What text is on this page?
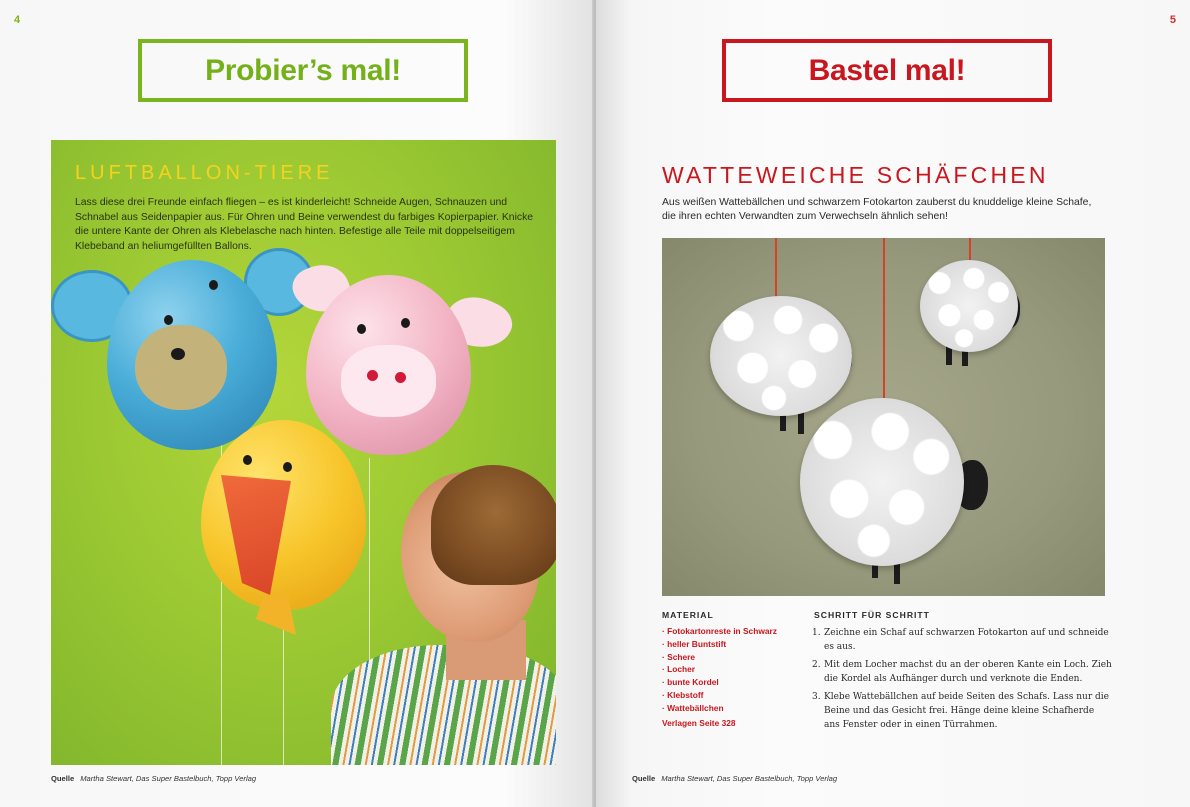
4
Probier’s mal!
LUFTBALLON-TIERE

Lass diese drei Freunde einfach fliegen – es ist kinderleicht! Schneide Augen, Schnauzen und Schnabel aus Seidenpapier aus. Für Ohren und Beine verwendest du farbiges Kopierpapier. Knicke die untere Kante der Ohren als Klebelasche nach hinten. Befestige alle Teile mit doppelseitigem Klebeband an heliumgefüllten Ballons.

Quelle Martha Stewart, Das Super Bastelbuch, Topp Verlag
5
Bastel mal!
WATTEWEICHE SCHÄFCHEN

Aus weißen Wattebällchen und schwarzem Fotokarton zauberst du knuddelige kleine Schafe, die ihren echten Verwandten zum Verwechseln ähnlich sehen!

MATERIAL
· Fotokartonreste in Schwarz
· heller Buntstift
· Schere
· Locher
· bunte Kordel
· Klebstoff
· Wattebällchen
Verlagen Seite 328
SCHRITT FÜR SCHRITT
1. Zeichne ein Schaf auf schwarzen Fotokarton auf und schneide es aus.
2. Mit dem Locher machst du an der oberen Kante ein Loch. Zieh die Kordel als Aufhänger durch und verknote die Enden.
3. Klebe Wattebällchen auf beide Seiten des Schafs. Lass nur die Beine und das Gesicht frei. Hänge deine kleine Schafherde ans Fenster oder in einen Türrahmen.
Quelle Martha Stewart, Das Super Bastelbuch, Topp Verlag
